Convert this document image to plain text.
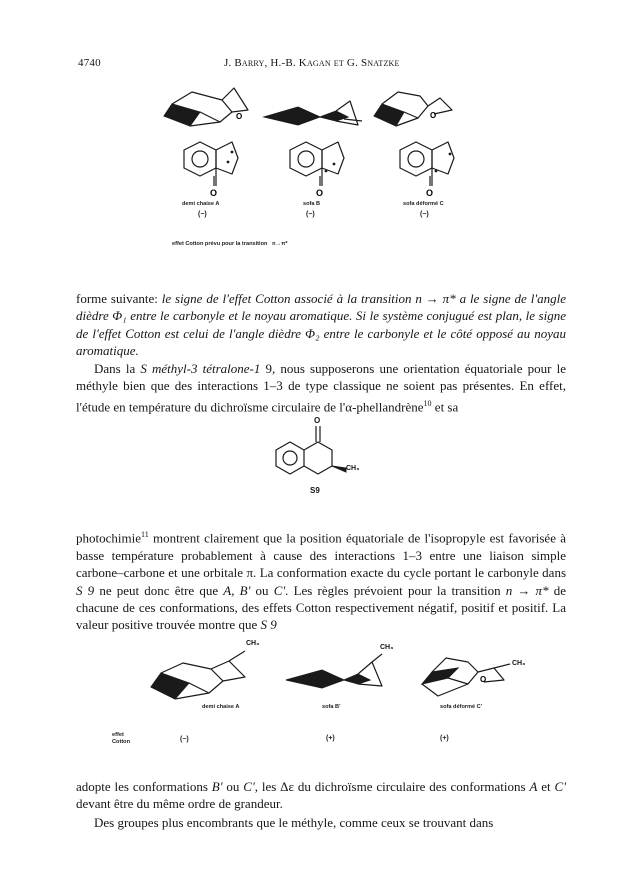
4740	J. Barry, H.-B. Kagan et G. Snatzke
O	O
O	O	O
demi chaise A	sofa B	sofa déformé C
(−)	(−)	(−)
effet Cotton prévu pour la transition   n→π*

forme suivante: le signe de l'effet Cotton associé à la transition n → π* a le signe de l'angle dièdre Φ₁ entre le carbonyle et le noyau aromatique. Si le système conjugué est plan, le signe de l'effet Cotton est celui de l'angle dièdre Φ₂ entre le carbonyle et le côté opposé au noyau aromatique.

Dans la S méthyl-3 tétralone-1 9, nous supposerons une orientation équatoriale pour le méthyle bien que des interactions 1–3 de type classique ne soient pas présentes. En effet, l'étude en température du dichroïsme circulaire de l'α-phellandrène$^{10}$ et sa

O
CH₃
S9

photochimie$^{11}$ montrent clairement que la position équatoriale de l'isopropyle est favorisée à basse température probablement à cause des interactions 1–3 entre une liaison simple carbone–carbone et une orbitale π. La conformation exacte du cycle portant le carbonyle dans S 9 ne peut donc être que A, B' ou C'. Les règles prévoient pour la transition n → π* de chacune de ces conformations, des effets Cotton respectivement négatif, positif et positif. La valeur positive trouvée montre que S 9

CH₃
CH₃
O
CH₃
demi chaise A	sofa B'	sofa déformé C'
effet Cotton	(−)	(+)	(+)

adopte les conformations B' ou C', les Δε du dichroïsme circulaire des conformations A et C' devant être du même ordre de grandeur.

Des groupes plus encombrants que le méthyle, comme ceux se trouvant dans
